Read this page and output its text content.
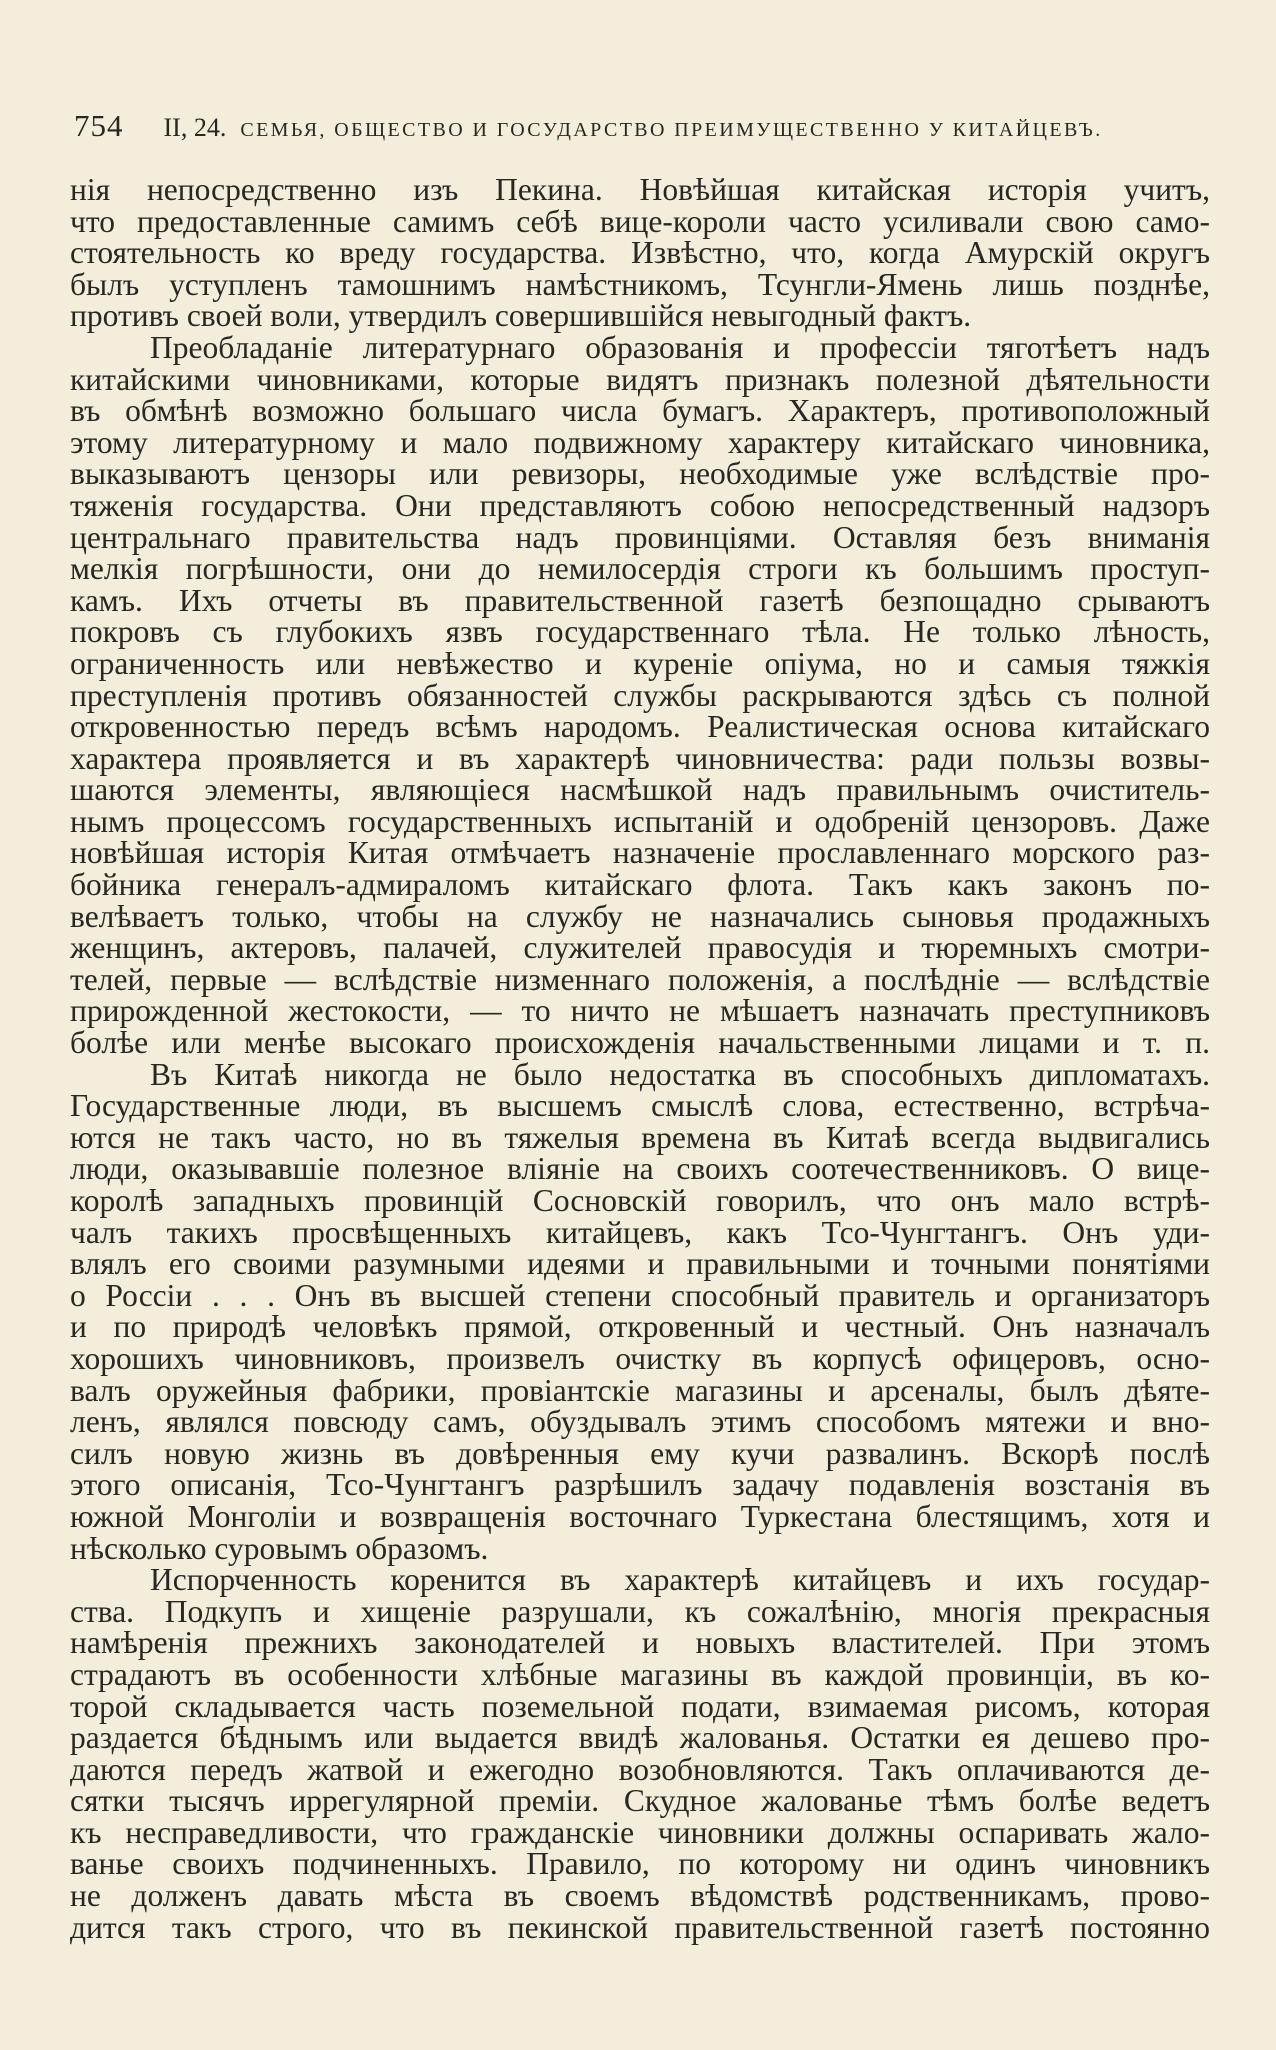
754 II, 24. СЕМЬЯ, ОБЩЕСТВО И ГОСУДАРСТВО ПРЕИМУЩЕСТВЕННО У КИТАЙЦЕВЪ.
нія непосредственно изъ Пекина. Новѣйшая китайская исторія учитъ,
что предоставленные самимъ себѣ вице-короли часто усиливали свою само-
стоятельность ко вреду государства. Извѣстно, что, когда Амурскій округъ
былъ уступленъ тамошнимъ намѣстникомъ, Тсунгли-Ямень лишь позднѣе,
противъ своей воли, утвердилъ совершившійся невыгодный фактъ.
Преобладаніе литературнаго образованія и профессіи тяготѣетъ надъ
китайскими чиновниками, которые видятъ признакъ полезной дѣятельности
въ обмѣнѣ возможно большаго числа бумагъ. Характеръ, противоположный
этому литературному и мало подвижному характеру китайскаго чиновника,
выказываютъ цензоры или ревизоры, необходимые уже вслѣдствіе про-
тяженія государства. Они представляютъ собою непосредственный надзоръ
центральнаго правительства надъ провинціями. Оставляя безъ вниманія
мелкія погрѣшности, они до немилосердія строги къ большимъ проступ-
камъ. Ихъ отчеты въ правительственной газетѣ безпощадно срываютъ
покровъ съ глубокихъ язвъ государственнаго тѣла. Не только лѣность,
ограниченность или невѣжество и куреніе опіума, но и самыя тяжкія
преступленія противъ обязанностей службы раскрываются здѣсь съ полной
откровенностью передъ всѣмъ народомъ. Реалистическая основа китайскаго
характера проявляется и въ характерѣ чиновничества: ради пользы возвы-
шаются элементы, являющіеся насмѣшкой надъ правильнымъ очиститель-
нымъ процессомъ государственныхъ испытаній и одобреній цензоровъ. Даже
новѣйшая исторія Китая отмѣчаетъ назначеніе прославленнаго морского раз-
бойника генералъ-адмираломъ китайскаго флота. Такъ какъ законъ по-
велѣваетъ только, чтобы на службу не назначались сыновья продажныхъ
женщинъ, актеровъ, палачей, служителей правосудія и тюремныхъ смотри-
телей, первые — вслѣдствіе низменнаго положенія, а послѣдніе — вслѣдствіе
прирожденной жестокости, — то ничто не мѣшаетъ назначать преступниковъ
болѣе или менѣе высокаго происхожденія начальственными лицами и т. п.
Въ Китаѣ никогда не было недостатка въ способныхъ дипломатахъ.
Государственные люди, въ высшемъ смыслѣ слова, естественно, встрѣча-
ются не такъ часто, но въ тяжелыя времена въ Китаѣ всегда выдвигались
люди, оказывавшіе полезное вліяніе на своихъ соотечественниковъ. О вице-
королѣ западныхъ провинцій Сосновскій говорилъ, что онъ мало встрѣ-
чалъ такихъ просвѣщенныхъ китайцевъ, какъ Тсо-Чунгтангъ. Онъ уди-
влялъ его своими разумными идеями и правильными и точными понятіями
о Россіи . . . Онъ въ высшей степени способный правитель и организаторъ
и по природѣ человѣкъ прямой, откровенный и честный. Онъ назначалъ
хорошихъ чиновниковъ, произвелъ очистку въ корпусѣ офицеровъ, осно-
валъ оружейныя фабрики, провіантскіе магазины и арсеналы, былъ дѣяте-
ленъ, являлся повсюду самъ, обуздывалъ этимъ способомъ мятежи и вно-
силъ новую жизнь въ довѣренныя ему кучи развалинъ. Вскорѣ послѣ
этого описанія, Тсо-Чунгтангъ разрѣшилъ задачу подавленія возстанія въ
южной Монголіи и возвращенія восточнаго Туркестана блестящимъ, хотя и
нѣсколько суровымъ образомъ.
Испорченность коренится въ характерѣ китайцевъ и ихъ государ-
ства. Подкупъ и хищеніе разрушали, къ сожалѣнію, многія прекрасныя
намѣренія прежнихъ законодателей и новыхъ властителей. При этомъ
страдаютъ въ особенности хлѣбные магазины въ каждой провинціи, въ ко-
торой складывается часть поземельной подати, взимаемая рисомъ, которая
раздается бѣднымъ или выдается ввидѣ жалованья. Остатки ея дешево про-
даются передъ жатвой и ежегодно возобновляются. Такъ оплачиваются де-
сятки тысячъ иррегулярной преміи. Скудное жалованье тѣмъ болѣе ведетъ
къ несправедливости, что гражданскіе чиновники должны оспаривать жало-
ванье своихъ подчиненныхъ. Правило, по которому ни одинъ чиновникъ
не долженъ давать мѣста въ своемъ вѣдомствѣ родственникамъ, прово-
дится такъ строго, что въ пекинской правительственной газетѣ постоянно
